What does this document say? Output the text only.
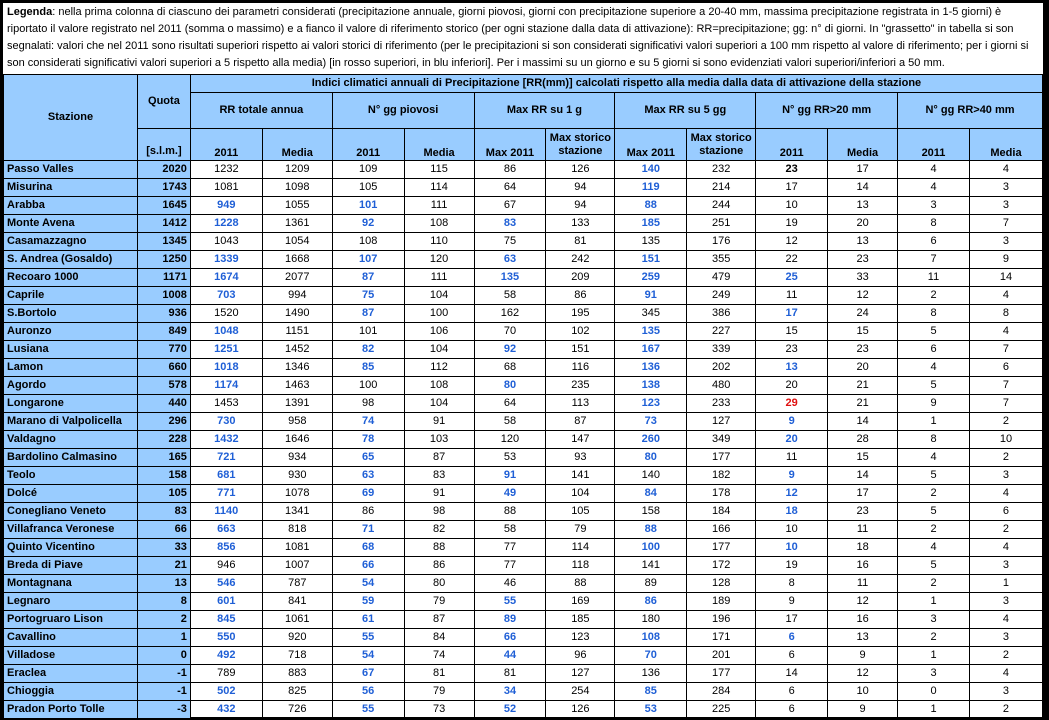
Legenda: nella prima colonna di ciascuno dei parametri considerati (precipitazione annuale, giorni piovosi, giorni con precipitazione superiore a 20-40 mm, massima precipitazione registrata in 1-5 giorni) è riportato il valore registrato nel 2011 (somma o massimo) e a fianco il valore di riferimento storico (per ogni stazione dalla data di attivazione): RR=precipitazione; gg: n° di giorni. In "grassetto" in tabella si son segnalati: valori che nel 2011 sono risultati superiori rispetto ai valori storici di riferimento (per le precipitazioni si son considerati significativi valori superiori a 100 mm rispetto al valore di riferimento; per i giorni si son considerati significativi valori superiori a 5 rispetto alla media) [in rosso superiori, in blu inferiori]. Per i massimi su un giorno e su 5 giorni si sono evidenziati valori superiori/inferiori a 50 mm.
Stazione	Quota	Indici climatici annuali di Precipitazione [RR(mm)] calcolati rispetto alla media dalla data di attivazione della stazione											
		RR totale annua		N° gg piovosi		Max RR su 1 g		Max RR su 5 gg		N° gg RR>20 mm		N° gg RR>40 mm	
	[s.l.m.]	2011	Media	2011	Media	Max 2011	Max storico stazione	Max 2011	Max storico stazione	2011	Media	2011	Media
Passo Valles	2020	1232	1209	109	115	86	126	140	232	23	17	4	4
Misurina	1743	1081	1098	105	114	64	94	119	214	17	14	4	3
Arabba	1645	949	1055	101	111	67	94	88	244	10	13	3	3
Monte Avena	1412	1228	1361	92	108	83	133	185	251	19	20	8	7
Casamazzagno	1345	1043	1054	108	110	75	81	135	176	12	13	6	3
S. Andrea (Gosaldo)	1250	1339	1668	107	120	63	242	151	355	22	23	7	9
Recoaro 1000	1171	1674	2077	87	111	135	209	259	479	25	33	11	14
Caprile	1008	703	994	75	104	58	86	91	249	11	12	2	4
S.Bortolo	936	1520	1490	87	100	162	195	345	386	17	24	8	8
Auronzo	849	1048	1151	101	106	70	102	135	227	15	15	5	4
Lusiana	770	1251	1452	82	104	92	151	167	339	23	23	6	7
Lamon	660	1018	1346	85	112	68	116	136	202	13	20	4	6
Agordo	578	1174	1463	100	108	80	235	138	480	20	21	5	7
Longarone	440	1453	1391	98	104	64	113	123	233	29	21	9	7
Marano di Valpolicella	296	730	958	74	91	58	87	73	127	9	14	1	2
Valdagno	228	1432	1646	78	103	120	147	260	349	20	28	8	10
Bardolino Calmasino	165	721	934	65	87	53	93	80	177	11	15	4	2
Teolo	158	681	930	63	83	91	141	140	182	9	14	5	3
Dolcé	105	771	1078	69	91	49	104	84	178	12	17	2	4
Conegliano Veneto	83	1140	1341	86	98	88	105	158	184	18	23	5	6
Villafranca Veronese	66	663	818	71	82	58	79	88	166	10	11	2	2
Quinto Vicentino	33	856	1081	68	88	77	114	100	177	10	18	4	4
Breda di Piave	21	946	1007	66	86	77	118	141	172	19	16	5	3
Montagnana	13	546	787	54	80	46	88	89	128	8	11	2	1
Legnaro	8	601	841	59	79	55	169	86	189	9	12	1	3
Portogruaro Lison	2	845	1061	61	87	89	185	180	196	17	16	3	4
Cavallino	1	550	920	55	84	66	123	108	171	6	13	2	3
Villadose	0	492	718	54	74	44	96	70	201	6	9	1	2
Eraclea	-1	789	883	67	81	81	127	136	177	14	12	3	4
Chioggia	-1	502	825	56	79	34	254	85	284	6	10	0	3
Pradon Porto Tolle	-3	432	726	55	73	52	126	53	225	6	9	1	2
